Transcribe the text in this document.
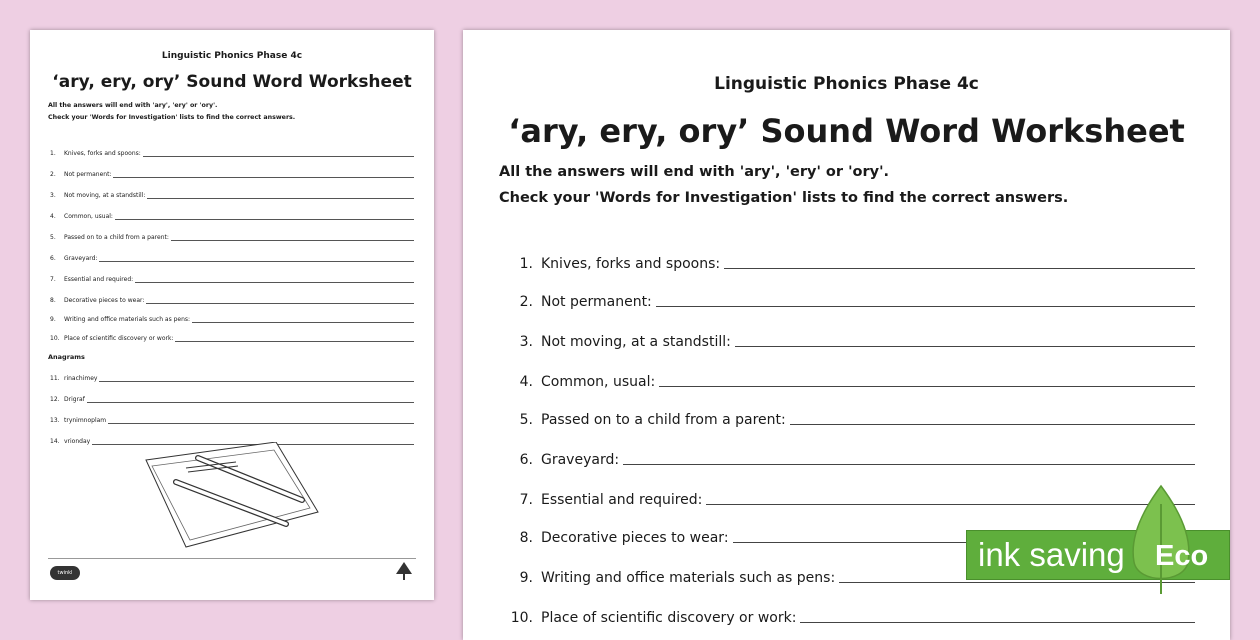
Linguistic Phonics Phase 4c
‘ary, ery, ory’ Sound Word Worksheet
All the answers will end with 'ary', 'ery' or 'ory'.
Check your 'Words for Investigation' lists to find the correct answers.
1.	Knives, forks and spoons:
2.	Not permanent:
3.	Not moving, at a standstill:
4.	Common, usual:
5.	Passed on to a child from a parent:
6.	Graveyard:
7.	Essential and required:
8.	Decorative pieces to wear:
9.	Writing and office materials such as pens:
10. Place of scientific discovery or work:
Anagrams
11. rinachimey
12. Drigraf
13. trynimnoplam
14. vrionday
twinkl
Linguistic Phonics Phase 4c
‘ary, ery, ory’ Sound Word Worksheet
All the answers will end with 'ary', 'ery' or 'ory'.
Check your 'Words for Investigation' lists to find the correct answers.
1. Knives, forks and spoons:
2. Not permanent:
3. Not moving, at a standstill:
4. Common, usual:
5. Passed on to a child from a parent:
6. Graveyard:
7. Essential and required:
8. Decorative pieces to wear:
9. Writing and office materials such as pens:
10. Place of scientific discovery or work:
ink saving Eco
